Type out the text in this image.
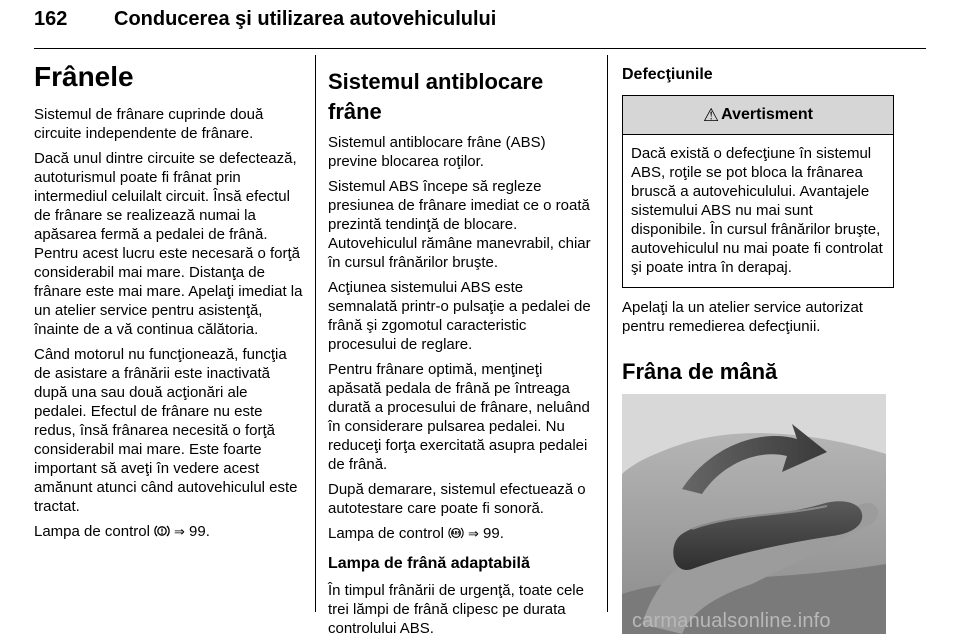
162 Conducerea şi utilizarea autovehiculului
Frânele

Sistemul de frânare cuprinde două circuite independente de frânare.

Dacă unul dintre circuite se defectează, autoturismul poate fi frânat prin intermediul celuilalt circuit. Însă efectul de frânare se realizează numai la apăsarea fermă a pedalei de frână. Pentru acest lucru este necesară o forţă considerabil mai mare. Distanţa de frânare este mai mare. Apelaţi imediat la un atelier service pentru asistenţă, înainte de a vă continua călătoria.

Când motorul nu funcţionează, funcţia de asistare a frânării este inactivată după una sau două acţionări ale pedalei. Efectul de frânare nu este redus, însă frânarea necesită o forţă considerabil mai mare. Este foarte important să aveţi în vedere acest amănunt atunci când autovehiculul este tractat.

Lampa de control ⇒ 99.

Sistemul antiblocare frâne

Sistemul antiblocare frâne (ABS) previne blocarea roţilor.

Sistemul ABS începe să regleze presiunea de frânare imediat ce o roată prezintă tendinţă de blocare. Autovehiculul rămâne manevrabil, chiar în cursul frânărilor bruşte.

Acţiunea sistemului ABS este semnalată printr-o pulsaţie a pedalei de frână şi zgomotul caracteristic procesului de reglare.

Pentru frânare optimă, menţineţi apăsată pedala de frână pe întreaga durată a procesului de frânare, neluând în considerare pulsarea pedalei. Nu reduceţi forţa exercitată asupra pedalei de frână.

După demarare, sistemul efectuează o autotestare care poate fi sonoră.

Lampa de control ABS ⇒ 99.

Lampa de frână adaptabilă

În timpul frânării de urgenţă, toate cele trei lămpi de frână clipesc pe durata controlului ABS.

Defecţiunile
⚠ Avertisment

Dacă există o defecţiune în sistemul ABS, roţile se pot bloca la frânarea bruscă a autovehiculului. Avantajele sistemului ABS nu mai sunt disponibile. În cursul frânărilor bruşte, autovehiculul nu mai poate fi controlat şi poate intra în derapaj.

Apelaţi la un atelier service autorizat pentru remedierea defecţiunii.

Frâna de mână
carmanualsonline.info
